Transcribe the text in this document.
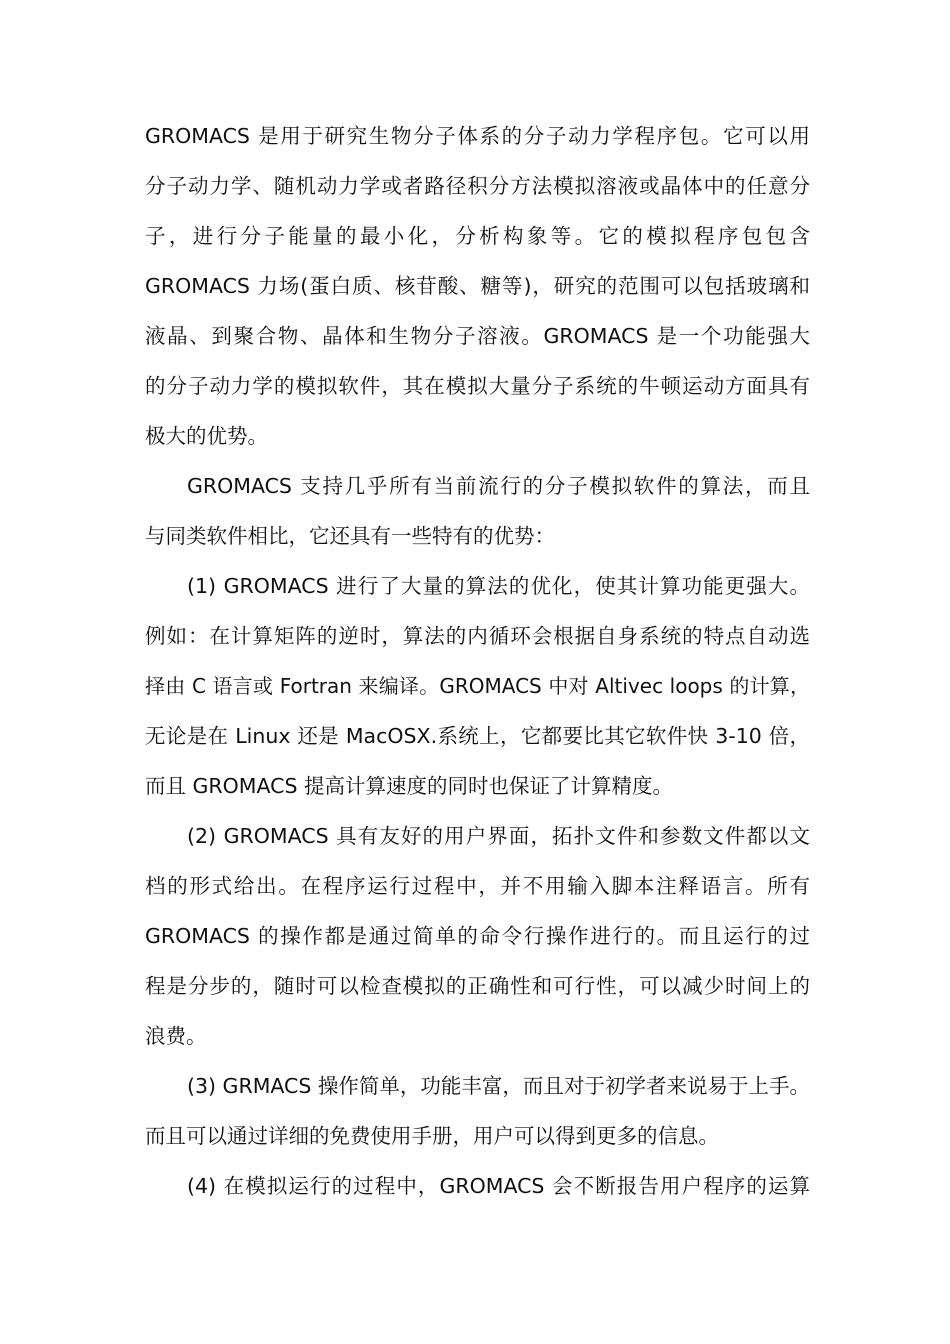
GROMACS 是用于研究生物分子体系的分子动力学程序包。它可以用
分子动力学、随机动力学或者路径积分方法模拟溶液或晶体中的任意分
子，进行分子能量的最小化，分析构象等。它的模拟程序包包含
GROMACS 力场(蛋白质、核苷酸、糖等)，研究的范围可以包括玻璃和
液晶、到聚合物、晶体和生物分子溶液。GROMACS 是一个功能强大
的分子动力学的模拟软件，其在模拟大量分子系统的牛顿运动方面具有
极大的优势。
GROMACS 支持几乎所有当前流行的分子模拟软件的算法，而且
与同类软件相比，它还具有一些特有的优势：
(1) GROMACS 进行了大量的算法的优化，使其计算功能更强大。
例如：在计算矩阵的逆时，算法的内循环会根据自身系统的特点自动选
择由 C 语言或 Fortran 来编译。GROMACS 中对 Altivec loops 的计算，
无论是在 Linux 还是 MacOSX.系统上，它都要比其它软件快 3-10 倍，
而且 GROMACS 提高计算速度的同时也保证了计算精度。
(2) GROMACS 具有友好的用户界面，拓扑文件和参数文件都以文
档的形式给出。在程序运行过程中，并不用输入脚本注释语言。所有
GROMACS 的操作都是通过简单的命令行操作进行的。而且运行的过
程是分步的，随时可以检查模拟的正确性和可行性，可以减少时间上的
浪费。
(3) GRMACS 操作简单，功能丰富，而且对于初学者来说易于上手。
而且可以通过详细的免费使用手册，用户可以得到更多的信息。
(4) 在模拟运行的过程中，GROMACS 会不断报告用户程序的运算
